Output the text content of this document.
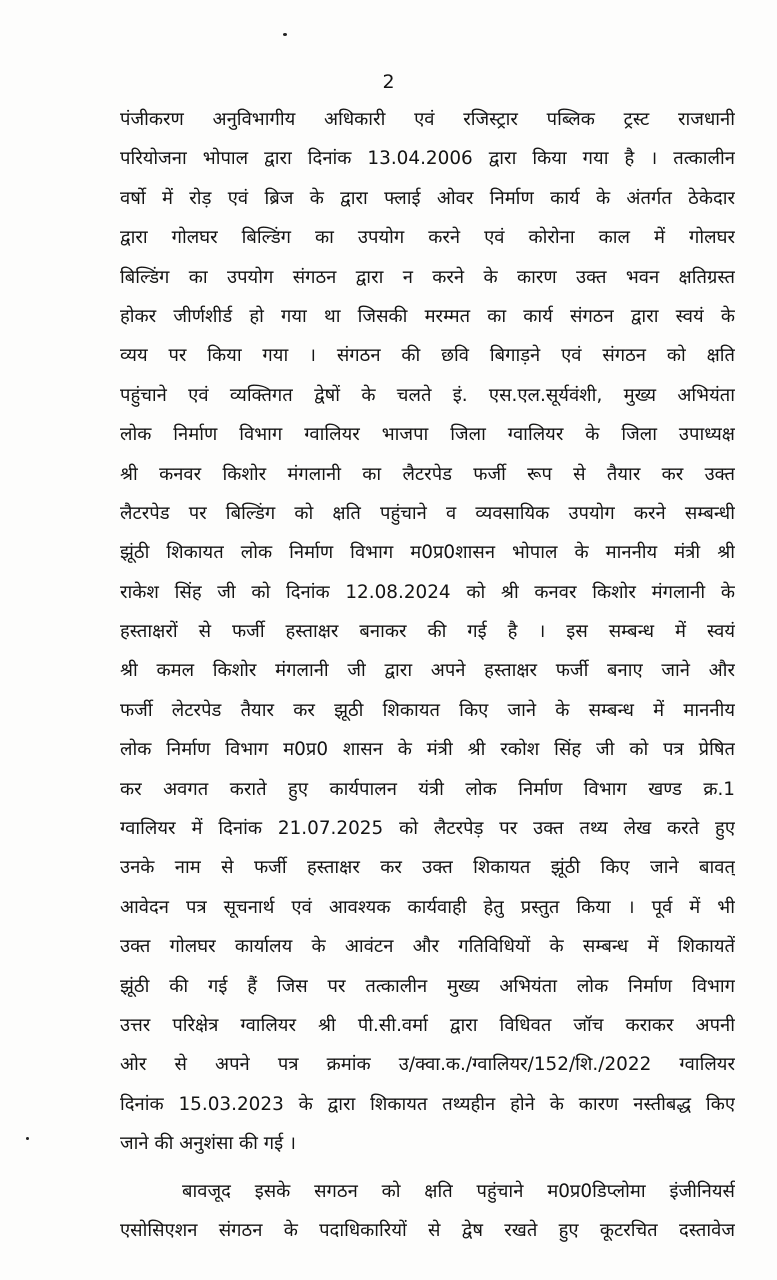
2
पंजीकरण अनुविभागीय अधिकारी एवं रजिस्ट्रार पब्लिक ट्रस्ट राजधानी
परियोजना भोपाल द्वारा दिनांक 13.04.2006 द्वारा किया गया है । तत्कालीन
वर्षो में रोड़ एवं ब्रिज के द्वारा फ्लाई ओवर निर्माण कार्य के अंतर्गत ठेकेदार
द्वारा गोलघर बिल्डिंग का उपयोग करने एवं कोरोना काल में गोलघर
बिल्डिंग का उपयोग संगठन द्वारा न करने के कारण उक्त भवन क्षतिग्रस्त
होकर जीर्णशीर्ड हो गया था जिसकी मरम्मत का कार्य संगठन द्वारा स्वयं के
व्यय पर किया गया । संगठन की छवि बिगाड़ने एवं संगठन को क्षति
पहुंचाने एवं व्यक्तिगत द्वेषों के चलते इं. एस.एल.सूर्यवंशी, मुख्य अभियंता
लोक निर्माण विभाग ग्वालियर भाजपा जिला ग्वालियर के जिला उपाध्यक्ष
श्री कनवर किशोर मंगलानी का लैटरपेड फर्जी रूप से तैयार कर उक्त
लैटरपेड पर बिल्डिंग को क्षति पहुंचाने व व्यवसायिक उपयोग करने सम्बन्धी
झूंठी शिकायत लोक निर्माण विभाग म0प्र0शासन भोपाल के माननीय मंत्री श्री
राकेश सिंह जी को दिनांक 12.08.2024 को श्री कनवर किशोर मंगलानी के
हस्ताक्षरों से फर्जी हस्ताक्षर बनाकर की गई है । इस सम्बन्ध में स्वयं
श्री कमल किशोर मंगलानी जी द्वारा अपने हस्ताक्षर फर्जी बनाए जाने और
फर्जी लेटरपेड तैयार कर झूठी शिकायत किए जाने के सम्बन्ध में माननीय
लोक निर्माण विभाग म0प्र0 शासन के मंत्री श्री रकोश सिंह जी को पत्र प्रेषित
कर अवगत कराते हुए कार्यपालन यंत्री लोक निर्माण विभाग खण्ड क्र.1
ग्वालियर में दिनांक 21.07.2025 को लैटरपेड़ पर उक्त तथ्य लेख करते हुए
उनके नाम से फर्जी हस्ताक्षर कर उक्त शिकायत झूंठी किए जाने बावत्
आवेदन पत्र सूचनार्थ एवं आवश्यक कार्यवाही हेतु प्रस्तुत किया । पूर्व में भी
उक्त गोलघर कार्यालय के आवंटन और गतिविधियों के सम्बन्ध में शिकायतें
झूंठी की गई हैं जिस पर तत्कालीन मुख्य अभियंता लोक निर्माण विभाग
उत्तर परिक्षेत्र ग्वालियर श्री पी.सी.वर्मा द्वारा विधिवत जॉच कराकर अपनी
ओर से अपने पत्र क्रमांक उ/क्वा.क./ग्वालियर/152/शि./2022 ग्वालियर
दिनांक 15.03.2023 के द्वारा शिकायत तथ्यहीन होने के कारण नस्तीबद्ध किए
जाने की अनुशंसा की गई ।
बावजूद इसके सगठन को क्षति पहुंचाने म0प्र0डिप्लोमा इंजीनियर्स
एसोसिएशन संगठन के पदाधिकारियों से द्वेष रखते हुए कूटरचित दस्तावेज
